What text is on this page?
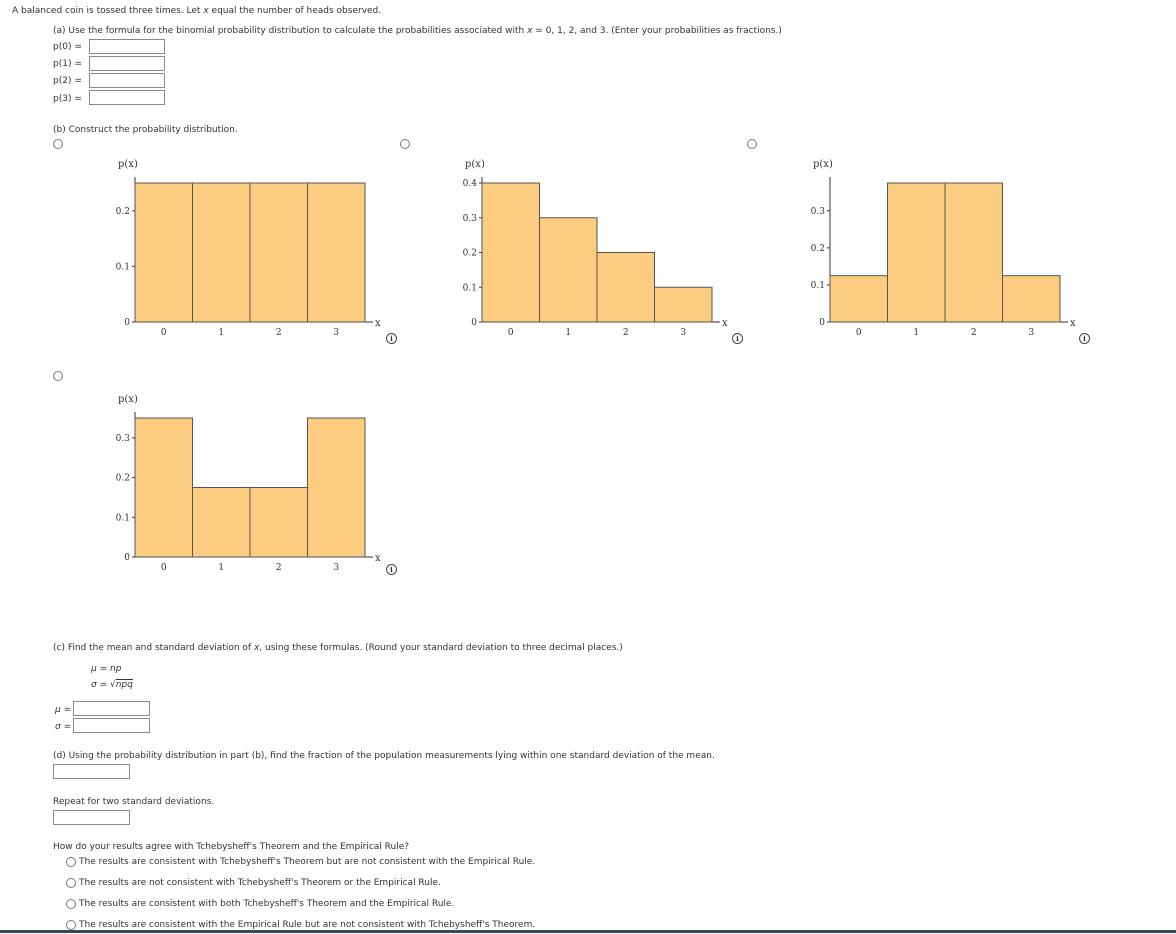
A balanced coin is tossed three times. Let x equal the number of heads observed.
(a) Use the formula for the binomial probability distribution to calculate the probabilities associated with x = 0, 1, 2, and 3. (Enter your probabilities as fractions.)
p(0) =
p(1) =
p(2) =
p(3) =
(b) Construct the probability distribution.
p(x)
x
0
0.1
0.2
0	1	2	3
p(x)
x
0
0.1
0.2
0.3
0.4
0	1	2	3
p(x)
x
0
0.1
0.2
0.3
0	1	2	3
p(x)
x
0
0.1
0.2
0.3
0	1	2	3
i	i	i
i
(c) Find the mean and standard deviation of x, using these formulas. (Round your standard deviation to three decimal places.)
μ = np
σ = √npq
μ =
σ =
(d) Using the probability distribution in part (b), find the fraction of the population measurements lying within one standard deviation of the mean.
Repeat for two standard deviations.
How do your results agree with Tchebysheff's Theorem and the Empirical Rule?
The results are consistent with Tchebysheff's Theorem but are not consistent with the Empirical Rule.
The results are not consistent with Tchebysheff's Theorem or the Empirical Rule.
The results are consistent with both Tchebysheff's Theorem and the Empirical Rule.
The results are consistent with the Empirical Rule but are not consistent with Tchebysheff's Theorem.
